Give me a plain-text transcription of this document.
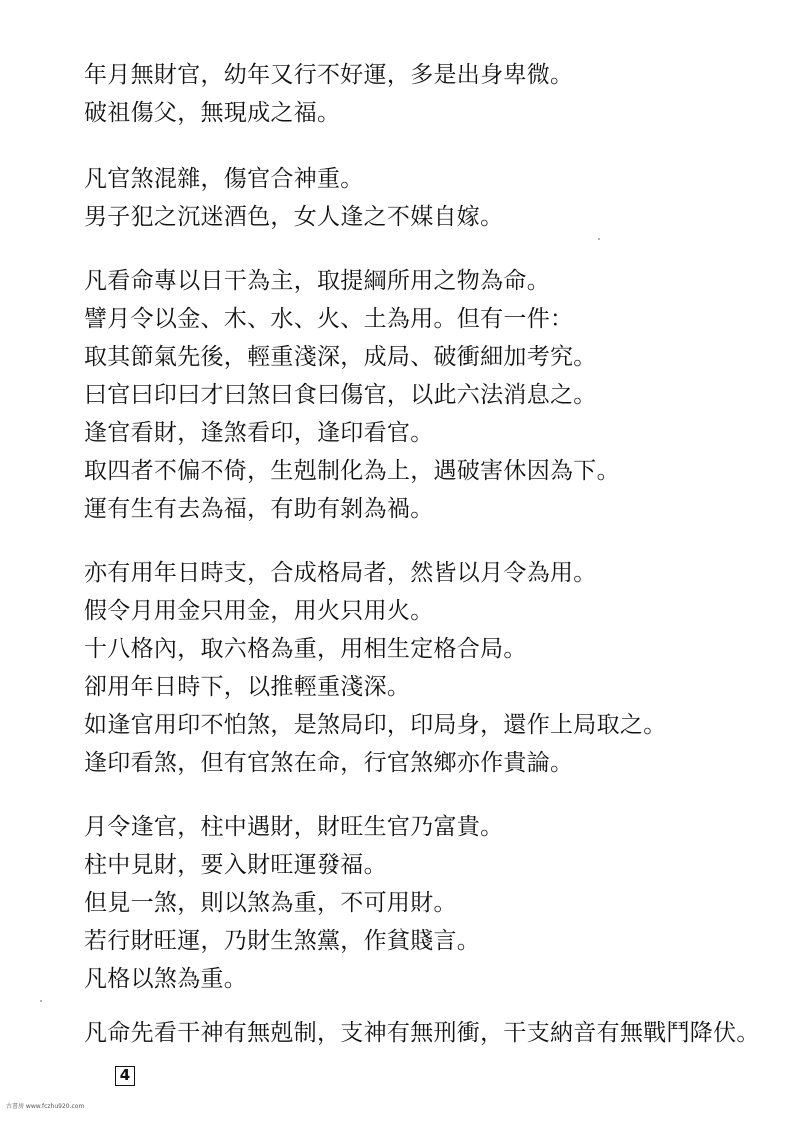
年月無財官，幼年又行不好運，多是出身卑微。
破祖傷父，無現成之福。
凡官煞混雜，傷官合神重。
男子犯之沉迷酒色，女人逢之不媒自嫁。
凡看命專以日干為主，取提綱所用之物為命。
譬月令以金、木、水、火、土為用。但有一件：
取其節氣先後，輕重淺深，成局、破衝細加考究。
曰官曰印曰才曰煞曰食曰傷官，以此六法消息之。
逢官看財，逢煞看印，逢印看官。
取四者不偏不倚，生剋制化為上，遇破害休因為下。
運有生有去為福，有助有剝為禍。
亦有用年日時支，合成格局者，然皆以月令為用。
假令月用金只用金，用火只用火。
十八格內，取六格為重，用相生定格合局。
卻用年日時下，以推輕重淺深。
如逢官用印不怕煞，是煞局印，印局身，還作上局取之。
逢印看煞，但有官煞在命，行官煞鄉亦作貴論。
月令逢官，柱中遇財，財旺生官乃富貴。
柱中見財，要入財旺運發福。
但見一煞，則以煞為重，不可用財。
若行財旺運，乃財生煞黨，作貧賤言。
凡格以煞為重。
凡命先看干神有無剋制，支神有無刑衝，干支納音有無戰鬥降伏。
4
古書房 www.fczhu920.com
